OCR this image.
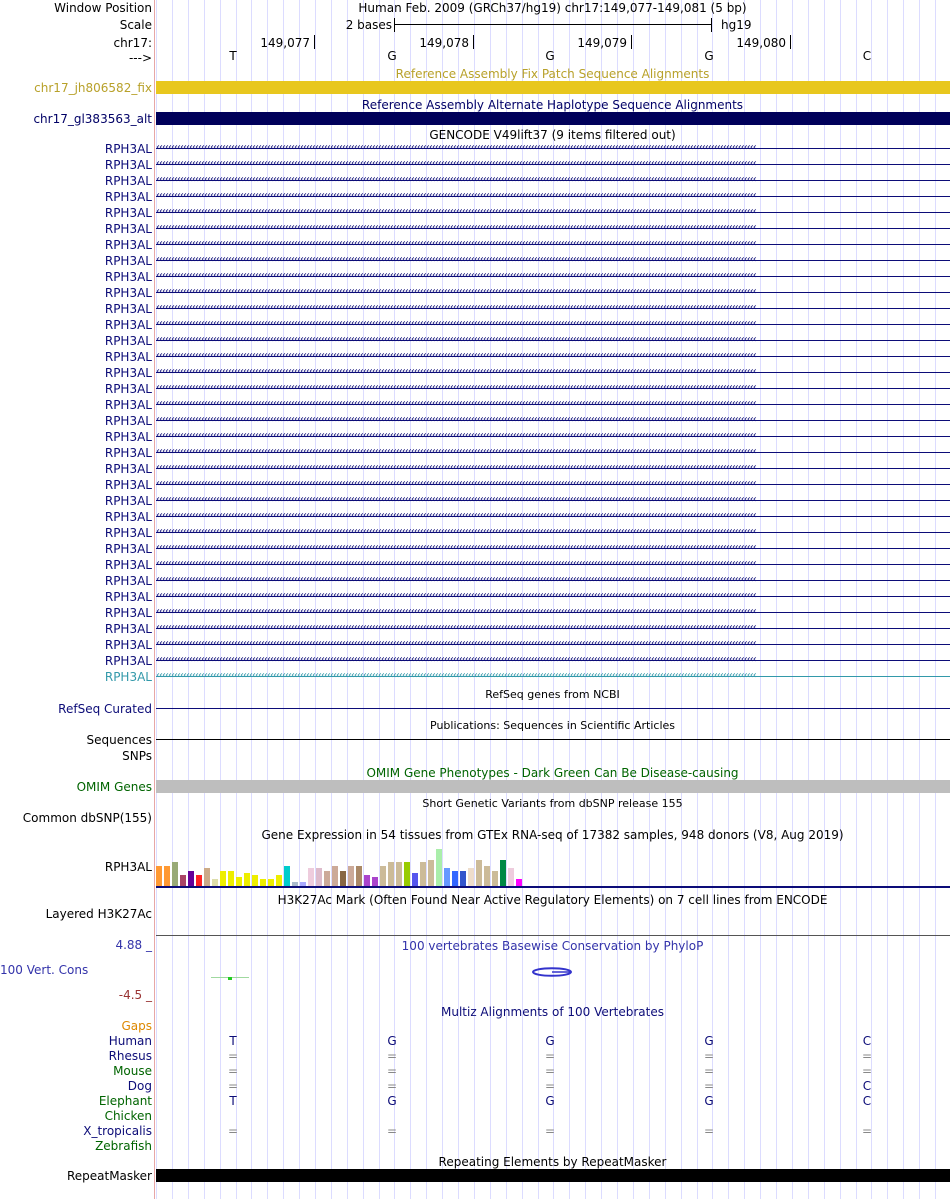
Window Position	Human Feb. 2009 (GRCh37/hg19) chr17:149,077-149,081 (5 bp)
Scale	2 bases	hg19
chr17:	149,077	149,078	149,079	149,080
--->	T	G	G	G	C
Reference Assembly Fix Patch Sequence Alignments
chr17_jh806582_fix
Reference Assembly Alternate Haplotype Sequence Alignments
chr17_gl383563_alt
GENCODE V49lift37 (9 items filtered out)
RPH3AL
RPH3AL
RPH3AL
RPH3AL
RPH3AL
RPH3AL
RPH3AL
RPH3AL
RPH3AL
RPH3AL
RPH3AL
RPH3AL
RPH3AL
RPH3AL
RPH3AL
RPH3AL
RPH3AL
RPH3AL
RPH3AL
RPH3AL
RPH3AL
RPH3AL
RPH3AL
RPH3AL
RPH3AL
RPH3AL
RPH3AL
RPH3AL
RPH3AL
RPH3AL
RPH3AL
RPH3AL
RPH3AL
RPH3AL
RefSeq genes from NCBI
RefSeq Curated
Publications: Sequences in Scientific Articles
Sequences
SNPs
OMIM Gene Phenotypes - Dark Green Can Be Disease-causing
OMIM Genes
Short Genetic Variants from dbSNP release 155
Common dbSNP(155)
Gene Expression in 54 tissues from GTEx RNA-seq of 17382 samples, 948 donors (V8, Aug 2019)
RPH3AL
H3K27Ac Mark (Often Found Near Active Regulatory Elements) on 7 cell lines from ENCODE
Layered H3K27Ac
4.88 _	100 vertebrates Basewise Conservation by PhyloP
100 Vert. Cons
-4.5 _
Multiz Alignments of 100 Vertebrates
Gaps
Human	T	G	G	G	C
Rhesus	=	=	=	=	=
Mouse	=	=	=	=	=
Dog	=	=	=	=	C
Elephant	T	G	G	G	C
Chicken
X_tropicalis	=	=	=	=	=
Zebrafish
Repeating Elements by RepeatMasker
RepeatMasker
